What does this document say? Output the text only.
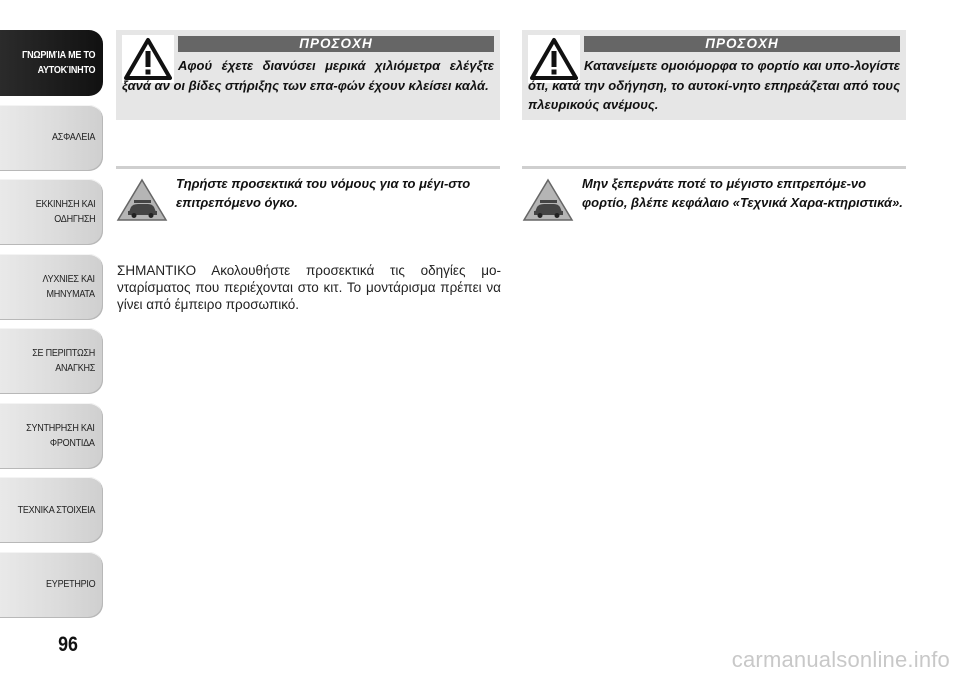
ΓΝΩΡΙΜΊΑ ΜΕ ΤΟ
ΑΥΤΟΚΊΝΗΤΟ
ΑΣΦΑΛΕΙΑ
ΕΚΚΙΝΗΣΗ ΚΑΙ
ΟΔΗΓΗΣΗ
ΛΥΧΝΙΕΣ ΚΑΙ
ΜΗΝΥΜΑΤΑ
ΣΕ ΠΕΡΙΠΤΩΣΗ
ΑΝΑΓΚΗΣ
ΣΥΝΤΗΡΗΣΗ ΚΑΙ
ΦΡΟΝΤΙΔΑ
ΤΕΧΝΙΚΑ ΣΤΟΙΧΕΙΑ
ΕΥΡΕΤΗΡΙΟ
96
ΠΡΟΣΟΧΗ
Αφού έχετε διανύσει μερικά χιλιόμετρα ελέγξτε ξανά αν οι βίδες στήριξης των επα-φών έχουν κλείσει καλά.
ΠΡΟΣΟΧΗ
Κατανείμετε ομοιόμορφα το φορτίο και υπο-λογίστε ότι, κατά την οδήγηση, το αυτοκί-νητο επηρεάζεται από τους πλευρικούς ανέμους.
Τηρήστε προσεκτικά του νόμους για το μέγι-στο επιτρεπόμενο όγκο.
Μην ξεπερνάτε ποτέ το μέγιστο επιτρεπόμε-νο φορτίο, βλέπε κεφάλαιο «Τεχνικά Χαρα-κτηριστικά».
ΣΗΜΑΝΤΙΚΟ Ακολουθήστε προσεκτικά τις οδηγίες μο-νταρίσματος που περιέχονται στο κιτ. Το μοντάρισμα πρέπει να γίνει από έμπειρο προσωπικό.
carmanualsonline.info
